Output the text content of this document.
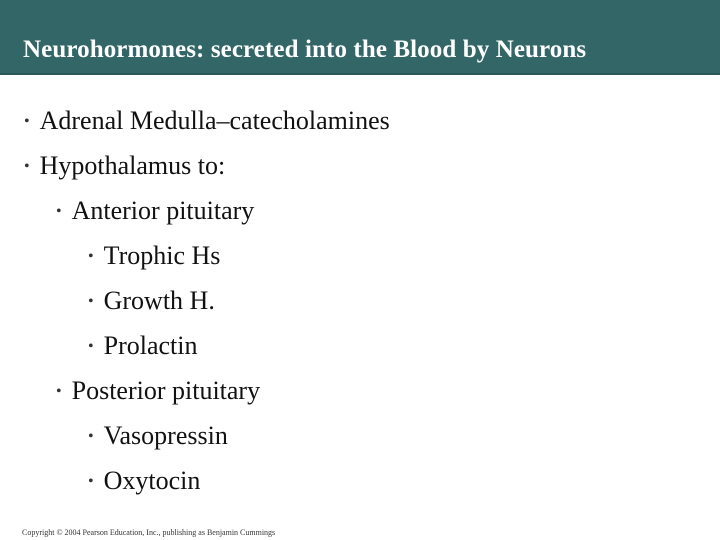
Neurohormones: secreted into the Blood by Neurons
• Adrenal Medulla–catecholamines
• Hypothalamus to:
• Anterior pituitary
• Trophic Hs
• Growth H.
• Prolactin
• Posterior pituitary
• Vasopressin
• Oxytocin
Copyright © 2004 Pearson Education, Inc., publishing as Benjamin Cummings
